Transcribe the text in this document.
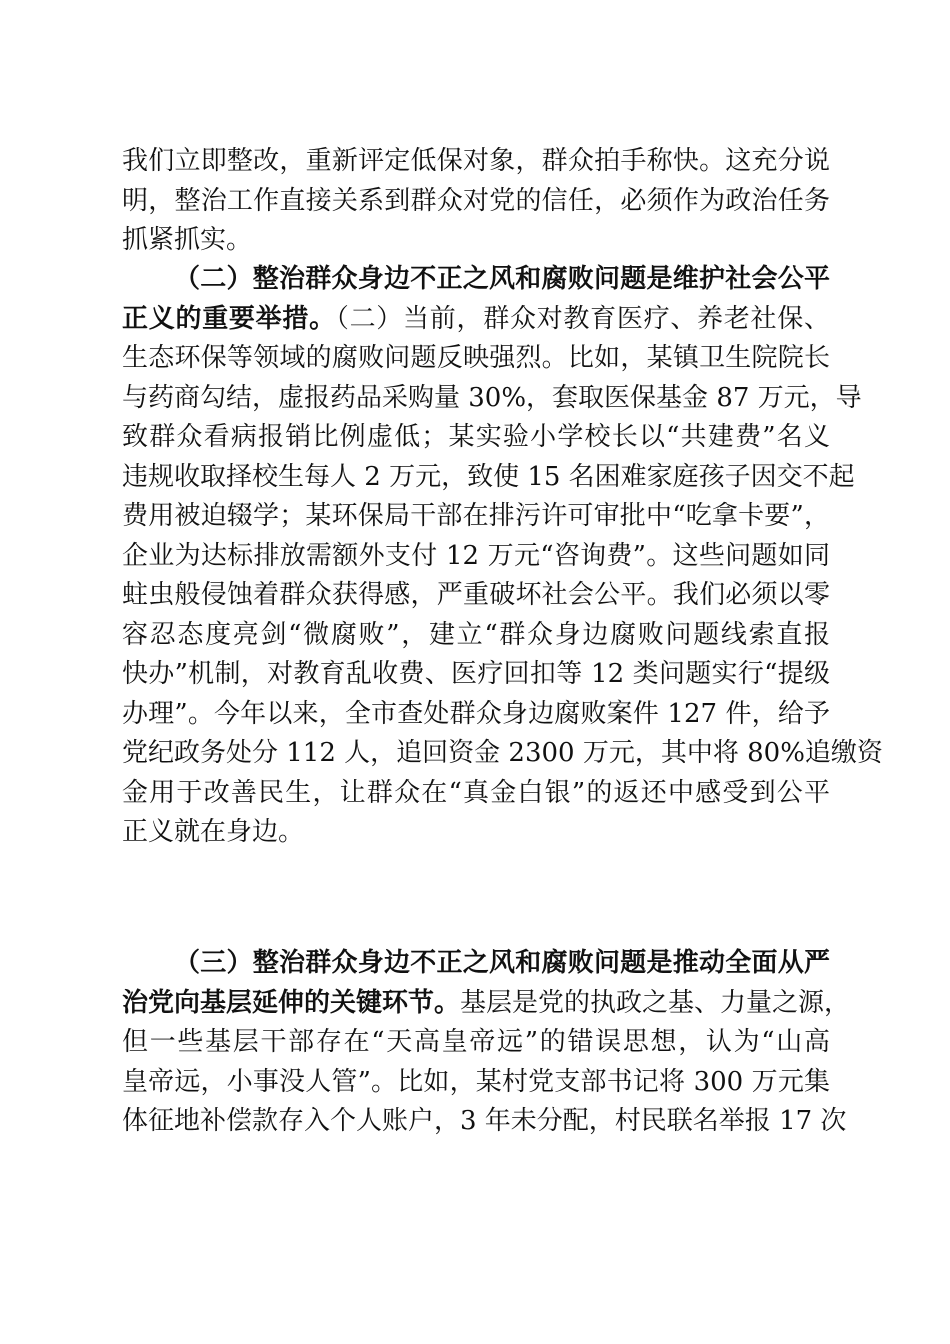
我们立即整改，重新评定低保对象，群众拍手称快。这充分说
明，整治工作直接关系到群众对党的信任，必须作为政治任务
抓紧抓实。
（二）整治群众身边不正之风和腐败问题是维护社会公平
正义的重要举措。（二）当前，群众对教育医疗、养老社保、
生态环保等领域的腐败问题反映强烈。比如，某镇卫生院院长
与药商勾结，虚报药品采购量 30%，套取医保基金 87 万元，导
致群众看病报销比例虚低；某实验小学校长以“共建费”名义
违规收取择校生每人 2 万元，致使 15 名困难家庭孩子因交不起
费用被迫辍学；某环保局干部在排污许可审批中“吃拿卡要”，
企业为达标排放需额外支付 12 万元“咨询费”。这些问题如同
蛀虫般侵蚀着群众获得感，严重破坏社会公平。我们必须以零
容忍态度亮剑“微腐败”，建立“群众身边腐败问题线索直报
快办”机制，对教育乱收费、医疗回扣等 12 类问题实行“提级
办理”。今年以来，全市查处群众身边腐败案件 127 件，给予
党纪政务处分 112 人，追回资金 2300 万元，其中将 80%追缴资
金用于改善民生，让群众在“真金白银”的返还中感受到公平
正义就在身边。
（三）整治群众身边不正之风和腐败问题是推动全面从严
治党向基层延伸的关键环节。基层是党的执政之基、力量之源，
但一些基层干部存在“天高皇帝远”的错误思想，认为“山高
皇帝远，小事没人管”。比如，某村党支部书记将 300 万元集
体征地补偿款存入个人账户，3 年未分配，村民联名举报 17 次
